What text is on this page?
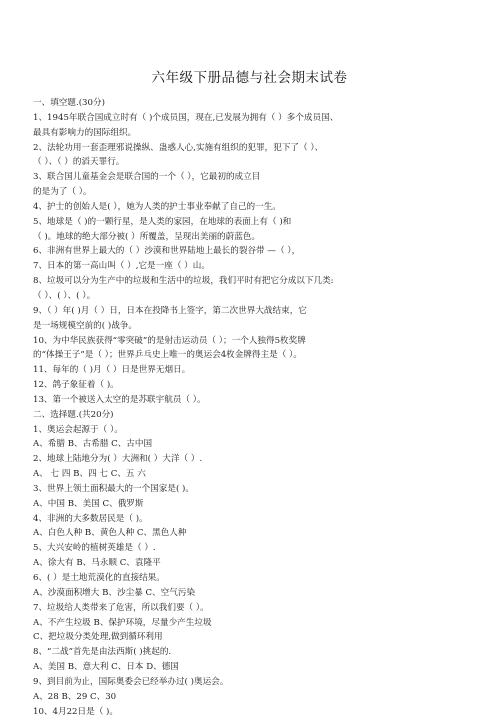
六年级下册品德与社会期末试卷
一、填空题.(30分)
1、1945年联合国成立时有（ )个成员国，现在,已发展为拥有（ ）多个成员国、
最具有影响力的国际组织。
2、法轮功用一套歪理邪说操纵、蛊惑人心,实施有组织的犯罪，犯下了（ ）、
（ ）、（ ）的滔天罪行。
3、联合国儿童基金会是联合国的一个（ ），它最初的成立目
的是为了（ ）。
4、护士的创始人是( ），她为人类的护士事业奉献了自己的一生。
5、地球是（ )的一颗行星，是人类的家园，在地球的表面上有（ )和
（ )。地球的绝大部分被( ）所覆盖，呈现出美丽的蔚蓝色。
6、非洲有世界上最大的（ ）沙漠和世界陆地上最长的裂谷带 —（ ），
7、日本的第一高山叫（ ）,它是一座（ ）山。
8、垃圾可以分为生产中的垃圾和生活中的垃圾，我们平时有把它分成以下几类:
（ ）、( ）、( ）。
9、（ ）年( )月（ ）日，日本在投降书上签字，第二次世界大战结束，它
是一场规模空前的( )战争。
10、为中华民族获得“零突破”的是射击运动员（ ）；一个人独得5枚奖牌
的“体操王子”是（ ）；世界乒乓史上唯一的奥运会4枚金牌得主是（ ）。
11、每年的（ )月（ ）日是世界无烟日。
12、鸽子象征着（ )。
13、第一个被送入太空的是苏联宇航员（ ）。
二、选择题.(共20分)
1、奥运会起源于（ ）。
A、希腊 B、古希腊 C、古中国
2、地球上陆地分为( ）大洲和( ）大洋（ ）.
A、 七 四 B、四 七 C、五 六
3、世界上领土面积最大的一个国家是( )。
A、中国 B、美国 C、俄罗斯
4、非洲的大多数居民是（ )。
A、白色人种 B、黄色人种 C、黑色人种
5、大兴安岭的植树英雄是（ ）.
A、徐大有 B、马永顺 C、袁隆平
6、( ）是土地荒漠化的直接结果。
A、沙漠面积增大 B、沙尘暴 C、空气污染
7、垃圾给人类带来了危害，所以我们要（ ）。
A、不产生垃圾 B、保护环境，尽量少产生垃圾
C、把垃圾分类处理,做到循环利用
8、“二战”首先是由法西斯( )挑起的.
A、美国 B、意大利 C、日本 D、德国
9、到目前为止，国际奥委会已经举办过( )奥运会。
A、28 B、29 C、30
10、4月22日是（ )。
